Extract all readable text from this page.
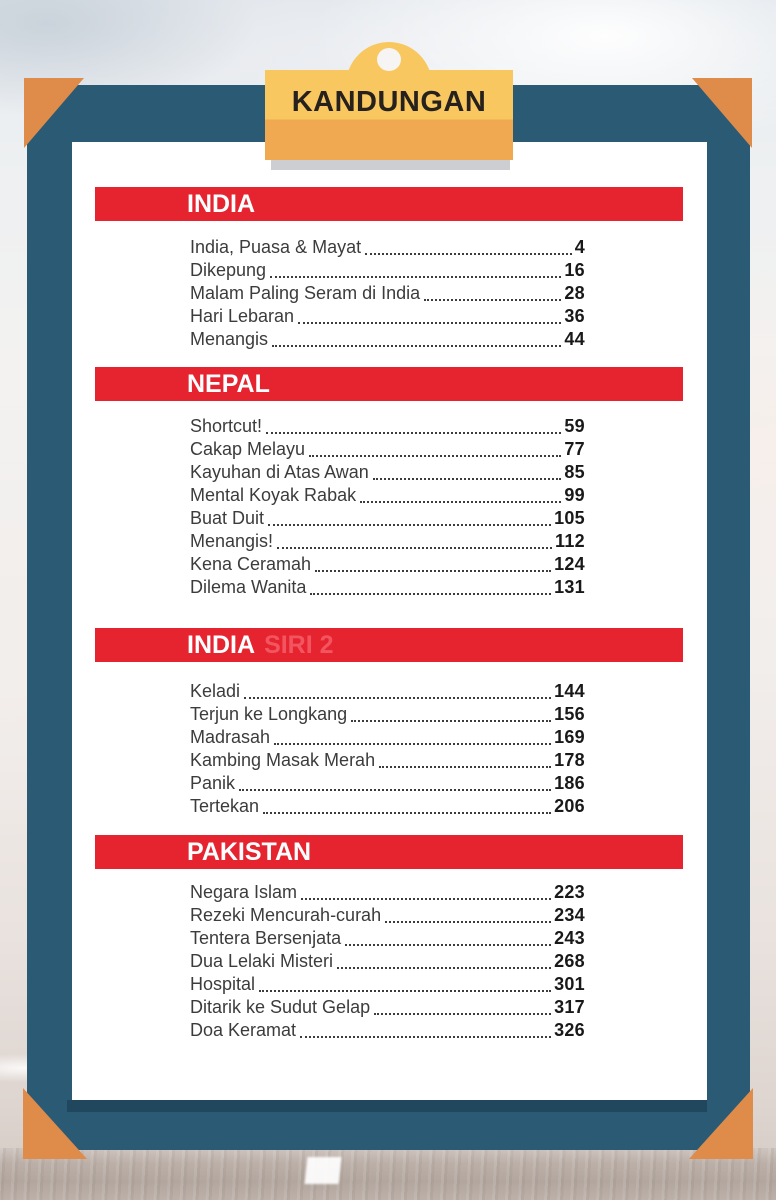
INDIA
India, Puasa & Mayat	4
Dikepung	16
Malam Paling Seram di India	28
Hari Lebaran	36
Menangis	44
NEPAL
Shortcut!	59
Cakap Melayu	77
Kayuhan di Atas Awan	85
Mental Koyak Rabak	99
Buat Duit	105
Menangis!	112
Kena Ceramah	124
Dilema Wanita	131
INDIA SIRI 2
Keladi	144
Terjun ke Longkang	156
Madrasah	169
Kambing Masak Merah	178
Panik	186
Tertekan	206
PAKISTAN
Negara Islam	223
Rezeki Mencurah-curah	234
Tentera Bersenjata	243
Dua Lelaki Misteri	268
Hospital	301
Ditarik ke Sudut Gelap	317
Doa Keramat	326
KANDUNGAN
